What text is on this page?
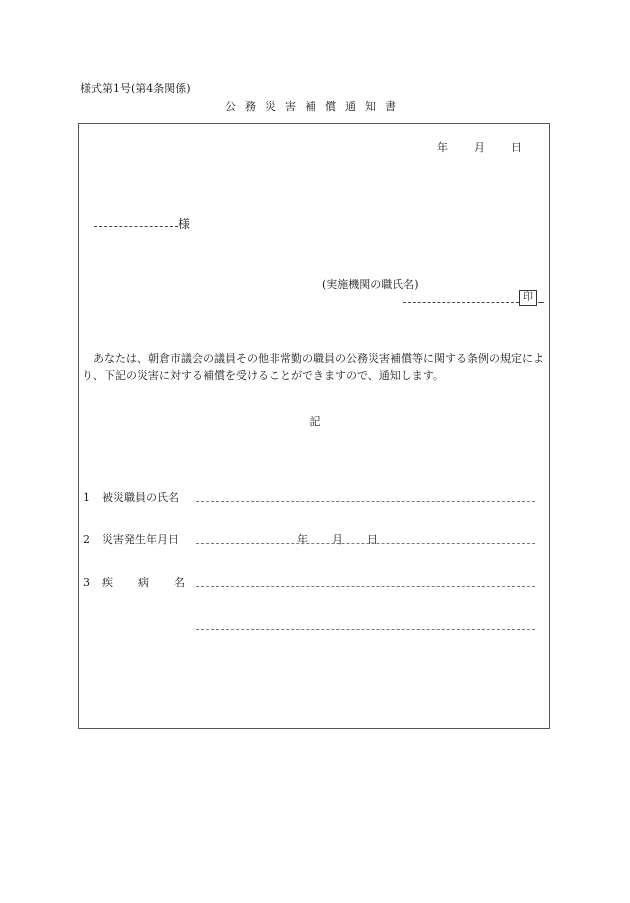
様式第1号(第4条関係)
公務災害補償通知書
年 月 日
様
(実施機関の職氏名)
印

あなたは、朝倉市議会の議員その他非常勤の職員の公務災害補償等に関する条例の規定により、下記の災害に対する補償を受けることができますので、通知します。

記
1 被災職員の氏名
2 災害発生年月日	年 月 日
3 疾 病 名
